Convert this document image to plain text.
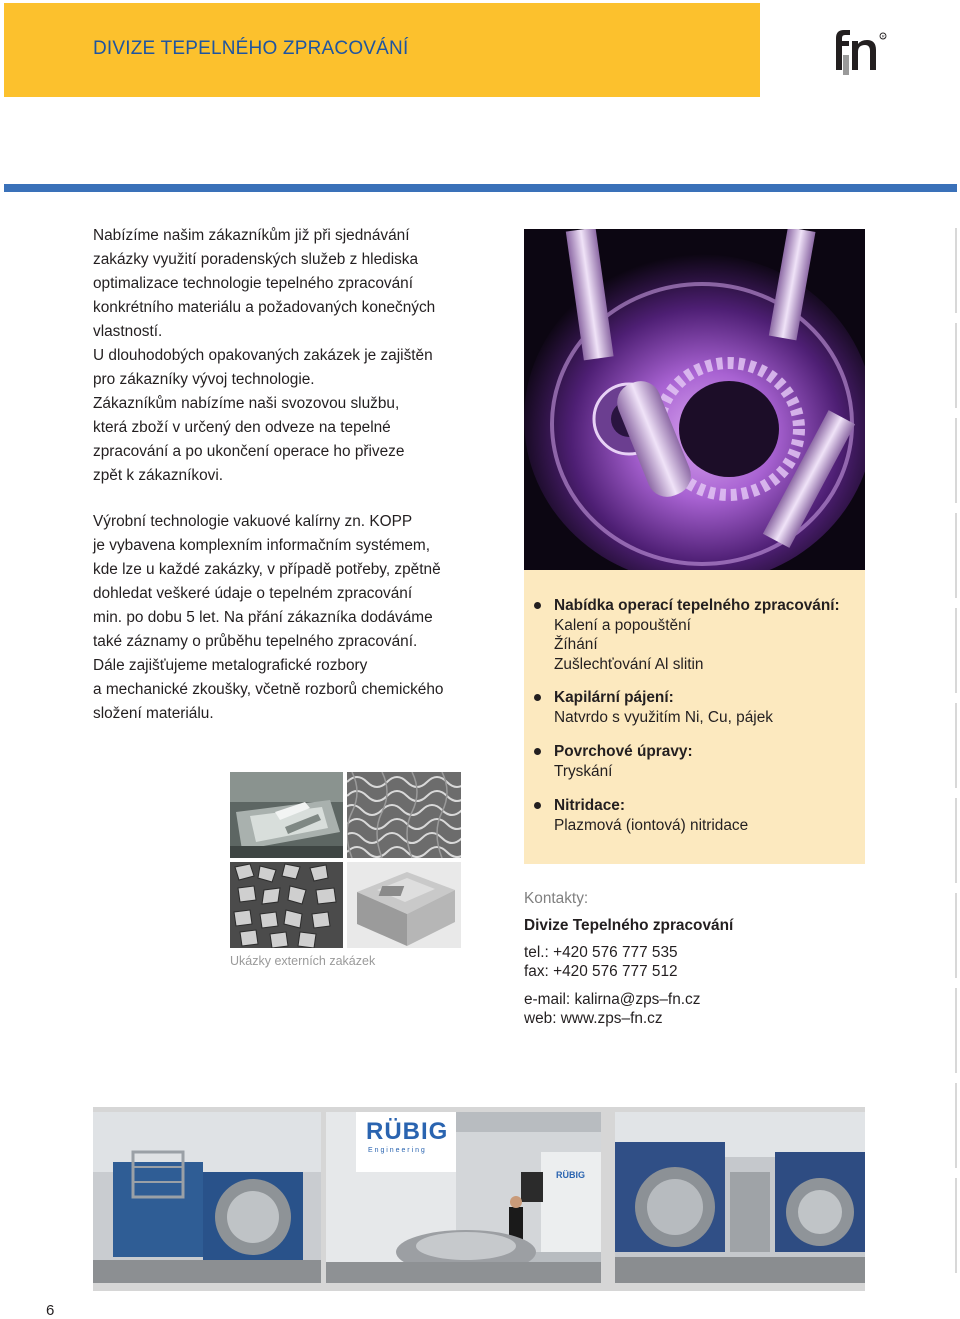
DIVIZE TEPELNÉHO ZPRACOVÁNÍ
R

Nabízíme našim zákazníkům již při sjednávání

zakázky využití poradenských služeb z hlediska

optimalizace technologie tepelného zpracování

konkrétního materiálu a požadovaných konečných

vlastností.

U dlouhodobých opakovaných zakázek je zajištěn

pro zákazníky vývoj technologie.

Zákazníkům nabízíme naši svozovou službu,

která zboží v určený den odveze na tepelné

zpracování a po ukončení operace ho přiveze

zpět k zákazníkovi.

Výrobní technologie vakuové kalírny zn. KOPP

je vybavena komplexním informačním systémem,

kde lze u každé zakázky, v případě potřeby, zpětně

dohledat veškeré údaje o tepelném zpracování

min. po dobu 5 let. Na přání zákazníka dodáváme

také záznamy o průběhu tepelného zpracování.

Dále zajišťujeme metalografické rozbory

a mechanické zkoušky, včetně rozborů chemického

složení materiálu.

Nabídka operací tepelného zpracování:
Kalení a popouštění
Žíhání
Zušlechťování Al slitin
Kapilární pájení:
Natvrdo s využitím Ni, Cu, pájek
Povrchové úpravy:
Tryskání
Nitridace:
Plazmová (iontová) nitridace
Ukázky externích zakázek
Kontakty:
Divize Tepelného zpracování
tel.: +420 576 777 535
fax: +420 576 777 512
e-mail: kalirna@zps–fn.cz
web: www.zps–fn.cz
RÜBIG
E n g i n e e r i n g
RÜBIG
6
